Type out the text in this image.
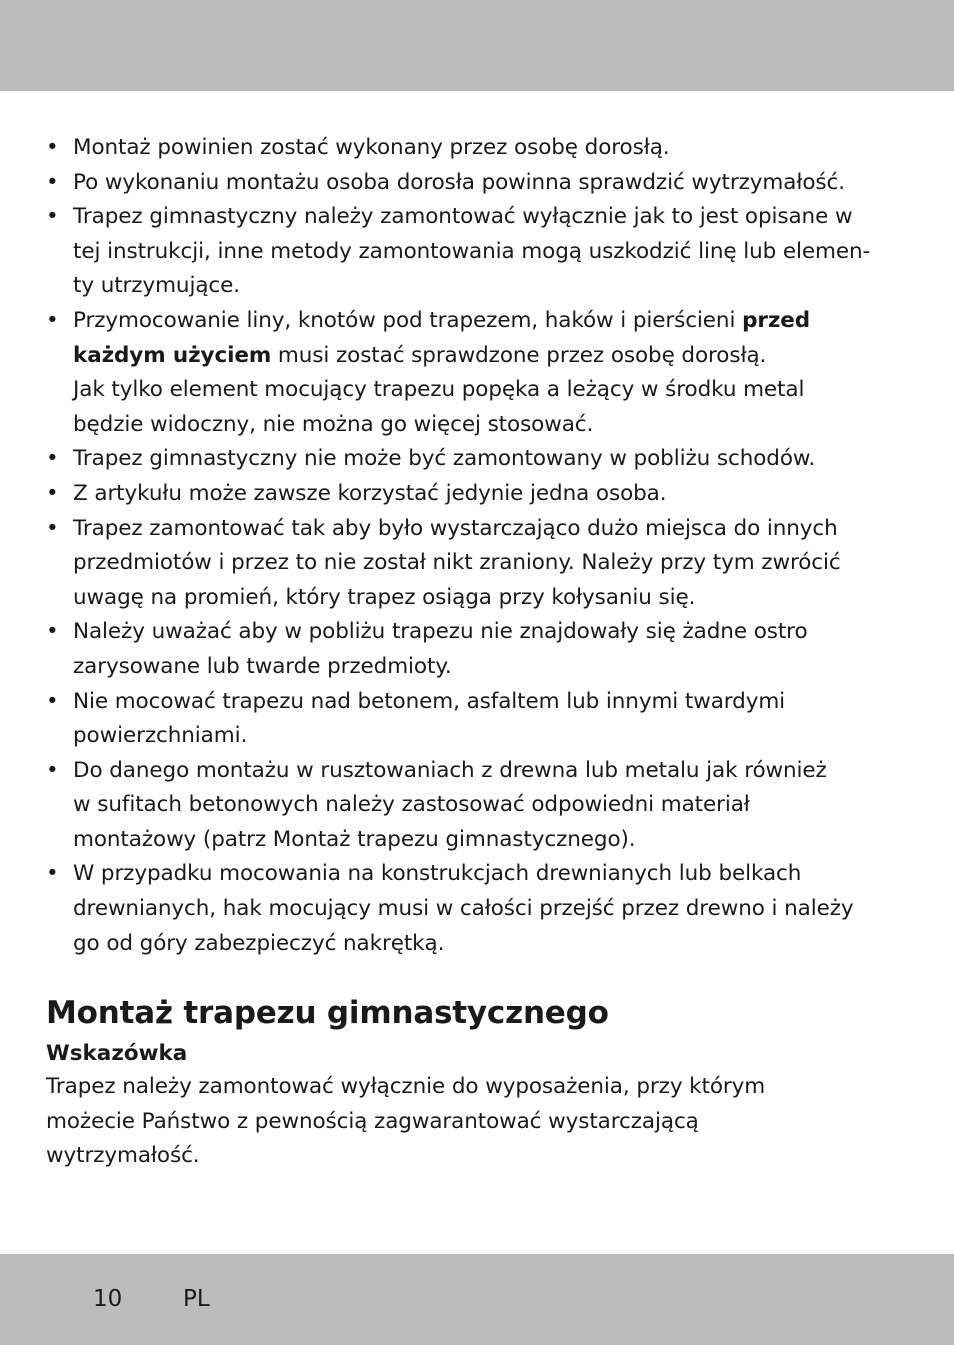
• Montaż powinien zostać wykonany przez osobę dorosłą.
• Po wykonaniu montażu osoba dorosła powinna sprawdzić wytrzymałość.
• Trapez gimnastyczny należy zamontować wyłącznie jak to jest opisane w
tej instrukcji, inne metody zamontowania mogą uszkodzić linę lub elemen-
ty utrzymujące.
• Przymocowanie liny, knotów pod trapezem, haków i pierścieni przed
każdym użyciem musi zostać sprawdzone przez osobę dorosłą.
Jak tylko element mocujący trapezu popęka a leżący w środku metal
będzie widoczny, nie można go więcej stosować.
• Trapez gimnastyczny nie może być zamontowany w pobliżu schodów.
• Z artykułu może zawsze korzystać jedynie jedna osoba.
• Trapez zamontować tak aby było wystarczająco dużo miejsca do innych
przedmiotów i przez to nie został nikt zraniony. Należy przy tym zwrócić
uwagę na promień, który trapez osiąga przy kołysaniu się.
• Należy uważać aby w pobliżu trapezu nie znajdowały się żadne ostro
zarysowane lub twarde przedmioty.
• Nie mocować trapezu nad betonem, asfaltem lub innymi twardymi
powierzchniami.
• Do danego montażu w rusztowaniach z drewna lub metalu jak również
w sufitach betonowych należy zastosować odpowiedni materiał
montażowy (patrz Montaż trapezu gimnastycznego).
• W przypadku mocowania na konstrukcjach drewnianych lub belkach
drewnianych, hak mocujący musi w całości przejść przez drewno i należy
go od góry zabezpieczyć nakrętką.
Montaż trapezu gimnastycznego
Wskazówka

Trapez należy zamontować wyłącznie do wyposażenia, przy którym
możecie Państwo z pewnością zagwarantować wystarczającą
wytrzymałość.

10	PL
